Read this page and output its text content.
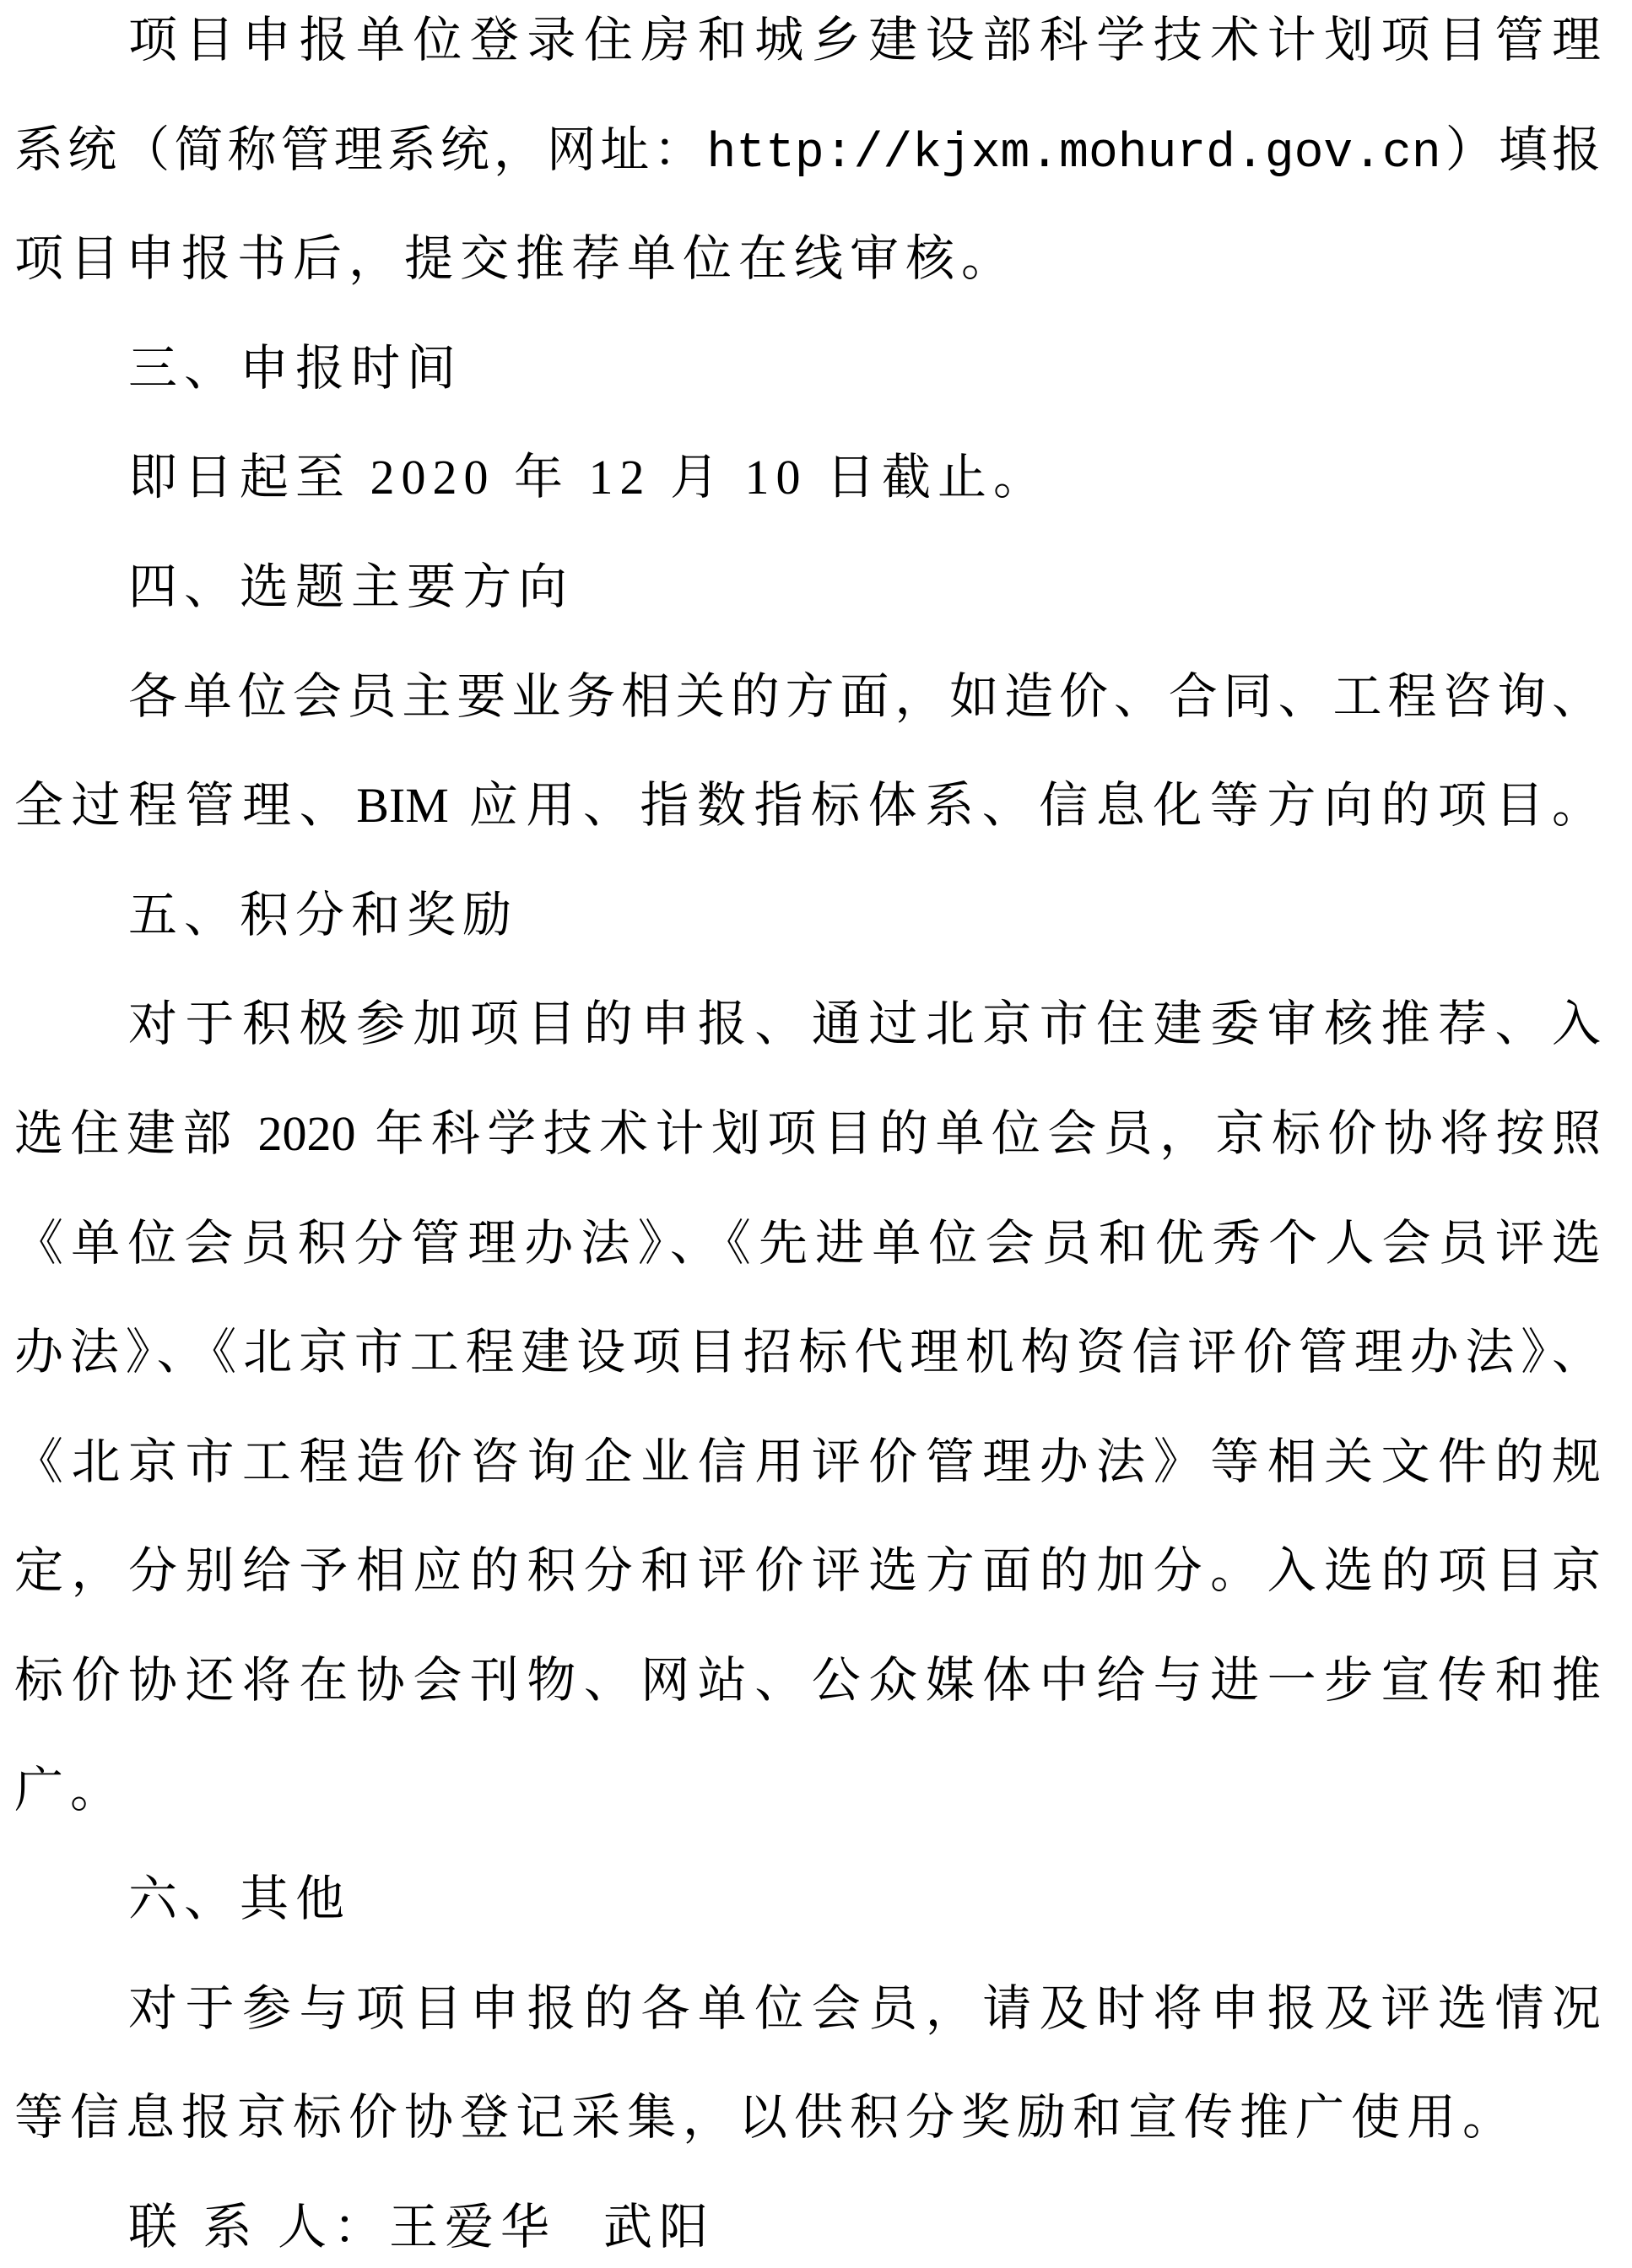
项目申报单位登录住房和城乡建设部科学技术计划项目管理
系统（简称管理系统，网址：http://kjxm.mohurd.gov.cn）填报
项目申报书后，提交推荐单位在线审核。
三、申报时间
即日起至 2020 年 12 月 10 日截止。
四、选题主要方向
各单位会员主要业务相关的方面，如造价、合同、工程咨询、
全过程管理、BIM 应用、指数指标体系、信息化等方向的项目。
五、积分和奖励
对于积极参加项目的申报、通过北京市住建委审核推荐、入
选住建部 2020 年科学技术计划项目的单位会员，京标价协将按照
《单位会员积分管理办法》、《先进单位会员和优秀个人会员评选
办法》、《北京市工程建设项目招标代理机构资信评价管理办法》、
《北京市工程造价咨询企业信用评价管理办法》等相关文件的规
定，分别给予相应的积分和评价评选方面的加分。入选的项目京
标价协还将在协会刊物、网站、公众媒体中给与进一步宣传和推
广。
六、其他
对于参与项目申报的各单位会员，请及时将申报及评选情况
等信息报京标价协登记采集，以供积分奖励和宣传推广使用。
联 系 人：王爱华 武阳
